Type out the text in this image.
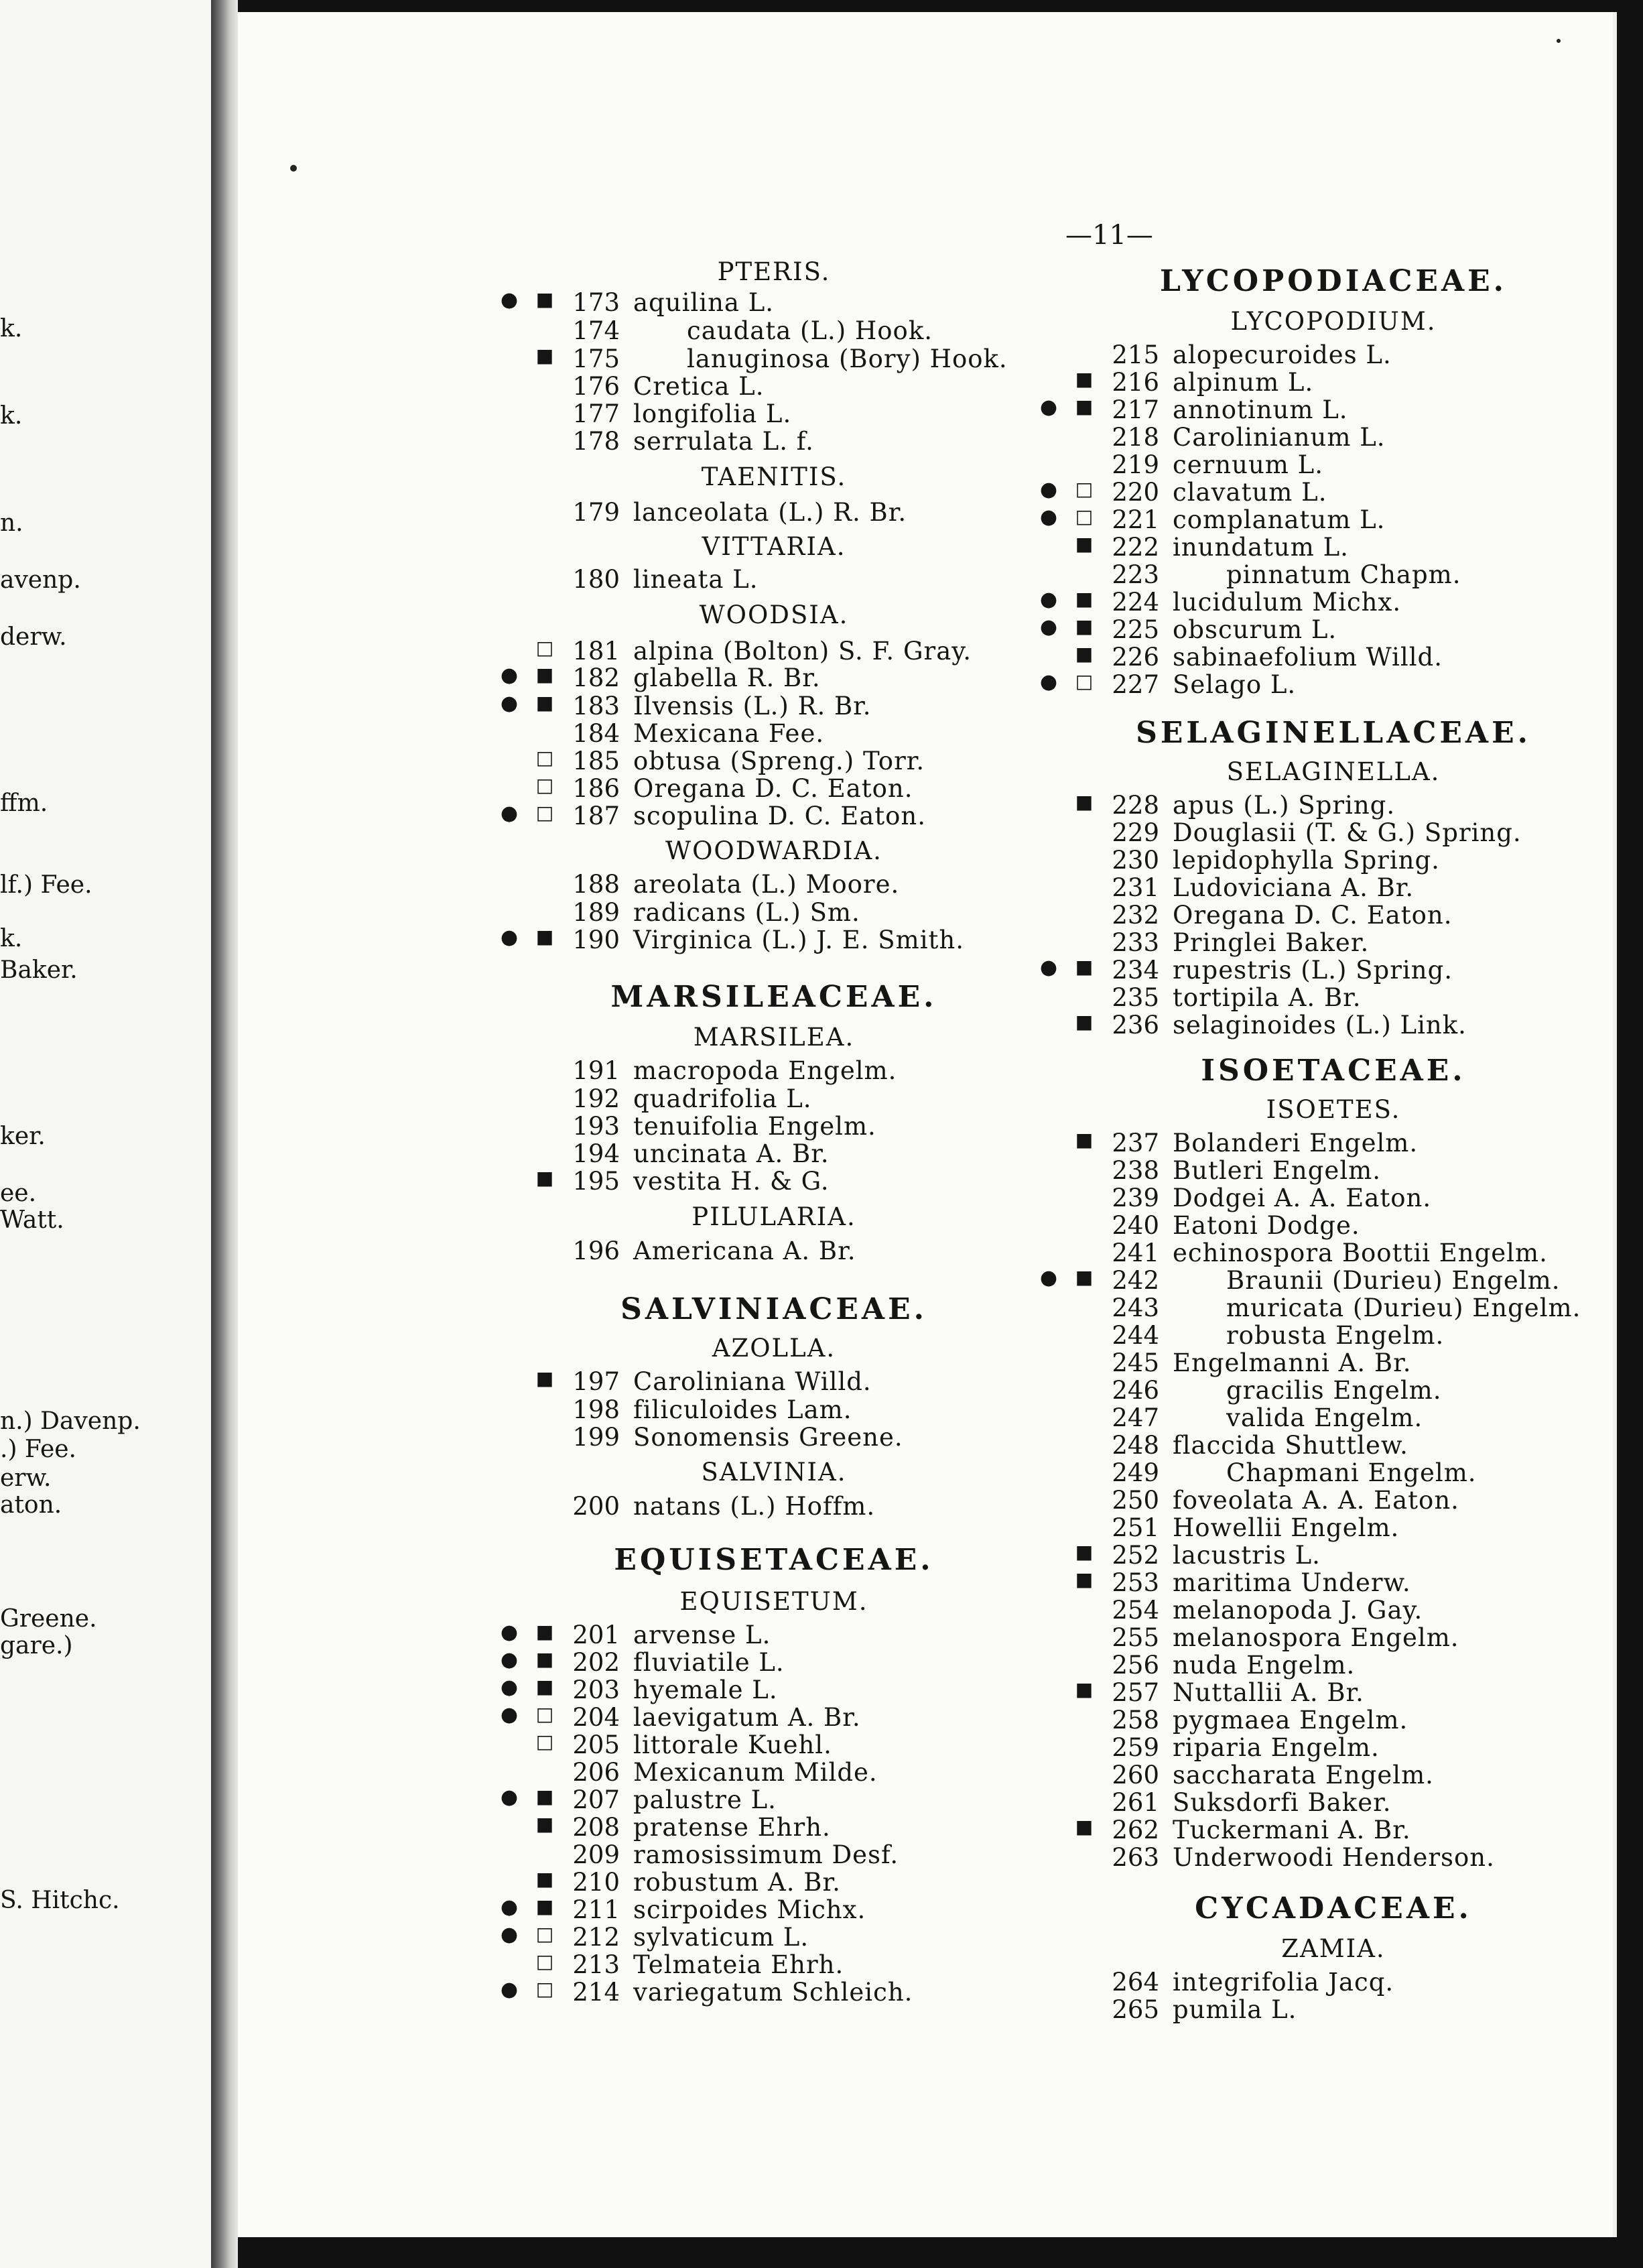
k.
k.
n.
avenp.
derw.
ffm.
lf.) Fee.
k.
Baker.
ker.
ee.
Watt.
n.) Davenp.
.) Fee.
erw.
aton.
Greene.
gare.)
S. Hitchc.
—11—
PTERIS.
● ■ 173 aquilina L.
174	caudata (L.) Hook.
■ 175	lanuginosa (Bory) Hook.
176 Cretica L.
177 longifolia L.
178 serrulata L. f.
TAENITIS.
179 lanceolata (L.) R. Br.
VITTARIA.
180 lineata L.
WOODSIA.
□ 181 alpina (Bolton) S. F. Gray.
● ■ 182 glabella R. Br.
● ■ 183 Ilvensis (L.) R. Br.
184 Mexicana Fee.
□ 185 obtusa (Spreng.) Torr.
□ 186 Oregana D. C. Eaton.
● □ 187 scopulina D. C. Eaton.
WOODWARDIA.
188 areolata (L.) Moore.
189 radicans (L.) Sm.
● ■ 190 Virginica (L.) J. E. Smith.
MARSILEACEAE.
MARSILEA.
191 macropoda Engelm.
192 quadrifolia L.
193 tenuifolia Engelm.
194 uncinata A. Br.
■ 195 vestita H. & G.
PILULARIA.
196 Americana A. Br.
SALVINIACEAE.
AZOLLA.
■ 197 Caroliniana Willd.
198 filiculoides Lam.
199 Sonomensis Greene.
SALVINIA.
200 natans (L.) Hoffm.
EQUISETACEAE.
EQUISETUM.
● ■ 201 arvense L.
● ■ 202 fluviatile L.
● ■ 203 hyemale L.
● □ 204 laevigatum A. Br.
□ 205 littorale Kuehl.
206 Mexicanum Milde.
● ■ 207 palustre L.
■ 208 pratense Ehrh.
209 ramosissimum Desf.
■ 210 robustum A. Br.
● ■ 211 scirpoides Michx.
● □ 212 sylvaticum L.
□ 213 Telmateia Ehrh.
● □ 214 variegatum Schleich.
LYCOPODIACEAE.
LYCOPODIUM.
215 alopecuroides L.
■ 216 alpinum L.
● ■ 217 annotinum L.
218 Carolinianum L.
219 cernuum L.
● □ 220 clavatum L.
● □ 221 complanatum L.
■ 222 inundatum L.
223	pinnatum Chapm.
● ■ 224 lucidulum Michx.
● ■ 225 obscurum L.
■ 226 sabinaefolium Willd.
● □ 227 Selago L.
SELAGINELLACEAE.
SELAGINELLA.
■ 228 apus (L.) Spring.
229 Douglasii (T. & G.) Spring.
230 lepidophylla Spring.
231 Ludoviciana A. Br.
232 Oregana D. C. Eaton.
233 Pringlei Baker.
● ■ 234 rupestris (L.) Spring.
235 tortipila A. Br.
■ 236 selaginoides (L.) Link.
ISOETACEAE.
ISOETES.
■ 237 Bolanderi Engelm.
238 Butleri Engelm.
239 Dodgei A. A. Eaton.
240 Eatoni Dodge.
241 echinospora Boottii Engelm.
● ■ 242	Braunii (Durieu) Engelm.
243	muricata (Durieu) Engelm.
244	robusta Engelm.
245 Engelmanni A. Br.
246	gracilis Engelm.
247	valida Engelm.
248 flaccida Shuttlew.
249	Chapmani Engelm.
250 foveolata A. A. Eaton.
251 Howellii Engelm.
■ 252 lacustris L.
■ 253 maritima Underw.
254 melanopoda J. Gay.
255 melanospora Engelm.
256 nuda Engelm.
■ 257 Nuttallii A. Br.
258 pygmaea Engelm.
259 riparia Engelm.
260 saccharata Engelm.
261 Suksdorfi Baker.
■ 262 Tuckermani A. Br.
263 Underwoodi Henderson.
CYCADACEAE.
ZAMIA.
264 integrifolia Jacq.
265 pumila L.
